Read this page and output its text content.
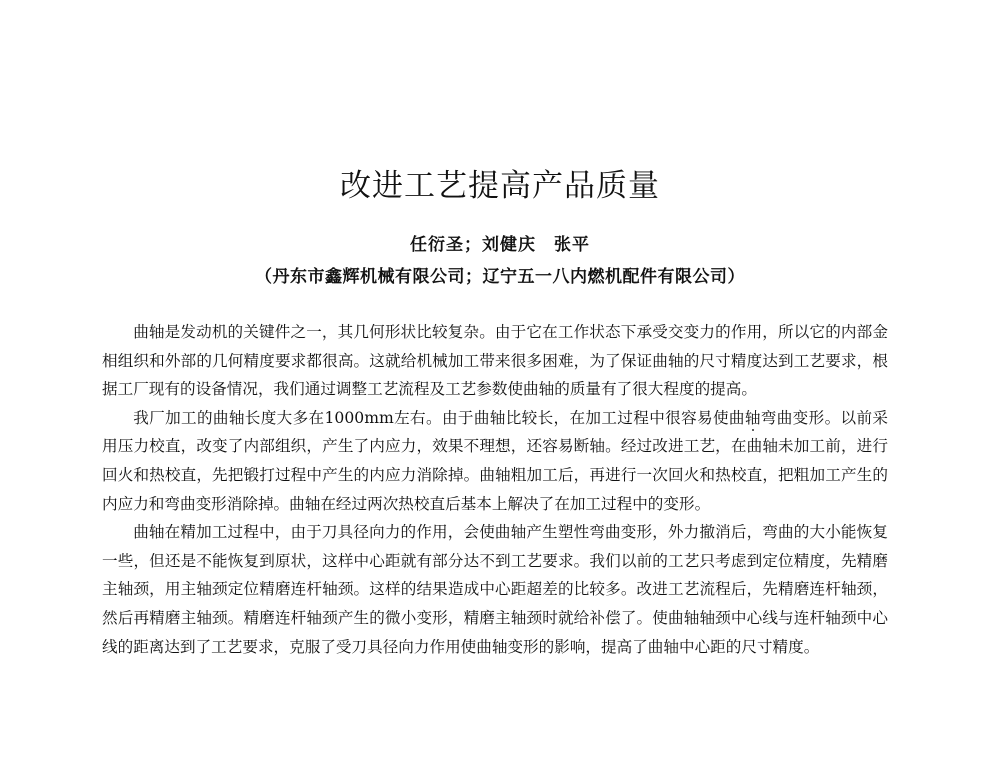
改进工艺提高产品质量
任衍圣；刘健庆　张平
（丹东市鑫辉机械有限公司；辽宁五一八内燃机配件有限公司）

曲轴是发动机的关键件之一，其几何形状比较复杂。由于它在工作状态下承受交变力的作用，所以它的内部金相组织和外部的几何精度要求都很高。这就给机械加工带来很多困难，为了保证曲轴的尺寸精度达到工艺要求，根据工厂现有的设备情况，我们通过调整工艺流程及工艺参数使曲轴的质量有了很大程度的提高。

我厂加工的曲轴长度大多在1000mm左右。由于曲轴比较长，在加工过程中很容易使曲轴弯曲变形。以前采用压力校直，改变了内部组织，产生了内应力，效果不理想，还容易断轴。经过改进工艺，在曲轴未加工前，进行回火和热校直，先把锻打过程中产生的内应力消除掉。曲轴粗加工后，再进行一次回火和热校直，把粗加工产生的内应力和弯曲变形消除掉。曲轴在经过两次热校直后基本上解决了在加工过程中的变形。

曲轴在精加工过程中，由于刀具径向力的作用，会使曲轴产生塑性弯曲变形，外力撤消后，弯曲的大小能恢复一些，但还是不能恢复到原状，这样中心距就有部分达不到工艺要求。我们以前的工艺只考虑到定位精度，先精磨主轴颈，用主轴颈定位精磨连杆轴颈。这样的结果造成中心距超差的比较多。改进工艺流程后，先精磨连杆轴颈，然后再精磨主轴颈。精磨连杆轴颈产生的微小变形，精磨主轴颈时就给补偿了。使曲轴轴颈中心线与连杆轴颈中心线的距离达到了工艺要求，克服了受刀具径向力作用使曲轴变形的影响，提高了曲轴中心距的尺寸精度。
